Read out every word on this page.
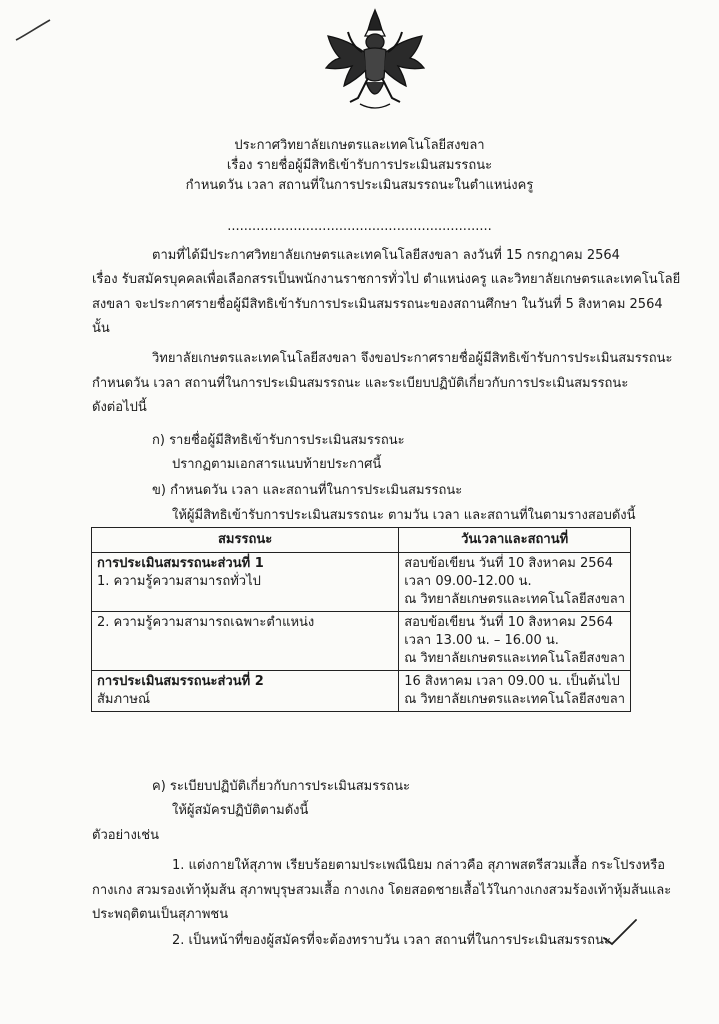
ประกาศวิทยาลัยเกษตรและเทคโนโลยีสงขลา
เรื่อง รายชื่อผู้มีสิทธิเข้ารับการประเมินสมรรถนะ
กำหนดวัน เวลา สถานที่ในการประเมินสมรรถนะในตำแหน่งครู
................................................................
ตามที่ได้มีประกาศวิทยาลัยเกษตรและเทคโนโลยีสงขลา ลงวันที่ 15 กรกฎาคม 2564
เรื่อง รับสมัครบุคคลเพื่อเลือกสรรเป็นพนักงานราชการทั่วไป ตำแหน่งครู และวิทยาลัยเกษตรและเทคโนโลยี
สงขลา จะประกาศรายชื่อผู้มีสิทธิเข้ารับการประเมินสมรรถนะของสถานศึกษา ในวันที่ 5 สิงหาคม 2564
นั้น
วิทยาลัยเกษตรและเทคโนโลยีสงขลา จึงขอประกาศรายชื่อผู้มีสิทธิเข้ารับการประเมินสมรรถนะ
กำหนดวัน เวลา สถานที่ในการประเมินสมรรถนะ และระเบียบปฏิบัติเกี่ยวกับการประเมินสมรรถนะ
ดังต่อไปนี้
ก) รายชื่อผู้มีสิทธิเข้ารับการประเมินสมรรถนะ
ปรากฏตามเอกสารแนบท้ายประกาศนี้
ข) กำหนดวัน เวลา และสถานที่ในการประเมินสมรรถนะ
ให้ผู้มีสิทธิเข้ารับการประเมินสมรรถนะ ตามวัน เวลา และสถานที่ในตามรางสอบดังนี้
สมรรถนะ	วันเวลาและสถานที่

การประเมินสมรรถนะส่วนที่ 1
1. ความรู้ความสามารถทั่วไป	สอบข้อเขียน วันที่ 10 สิงหาคม 2564
เวลา 09.00-12.00 น.
ณ วิทยาลัยเกษตรและเทคโนโลยีสงขลา

2. ความรู้ความสามารถเฉพาะตำแหน่ง	สอบข้อเขียน วันที่ 10 สิงหาคม 2564
เวลา 13.00 น. – 16.00 น.
ณ วิทยาลัยเกษตรและเทคโนโลยีสงขลา

การประเมินสมรรถนะส่วนที่ 2
สัมภาษณ์	16 สิงหาคม เวลา 09.00 น. เป็นต้นไป
ณ วิทยาลัยเกษตรและเทคโนโลยีสงขลา
ค) ระเบียบปฏิบัติเกี่ยวกับการประเมินสมรรถนะ
ให้ผู้สมัครปฏิบัติตามดังนี้
ตัวอย่างเช่น
1. แต่งกายให้สุภาพ เรียบร้อยตามประเพณีนิยม กล่าวคือ สุภาพสตรีสวมเสื้อ กระโปรงหรือ
กางเกง สวมรองเท้าหุ้มส้น สุภาพบุรุษสวมเสื้อ กางเกง โดยสอดชายเสื้อไว้ในกางเกงสวมร้องเท้าหุ้มส้นและ
ประพฤติตนเป็นสุภาพชน
2. เป็นหน้าที่ของผู้สมัครที่จะต้องทราบวัน เวลา สถานที่ในการประเมินสมรรถนะ
